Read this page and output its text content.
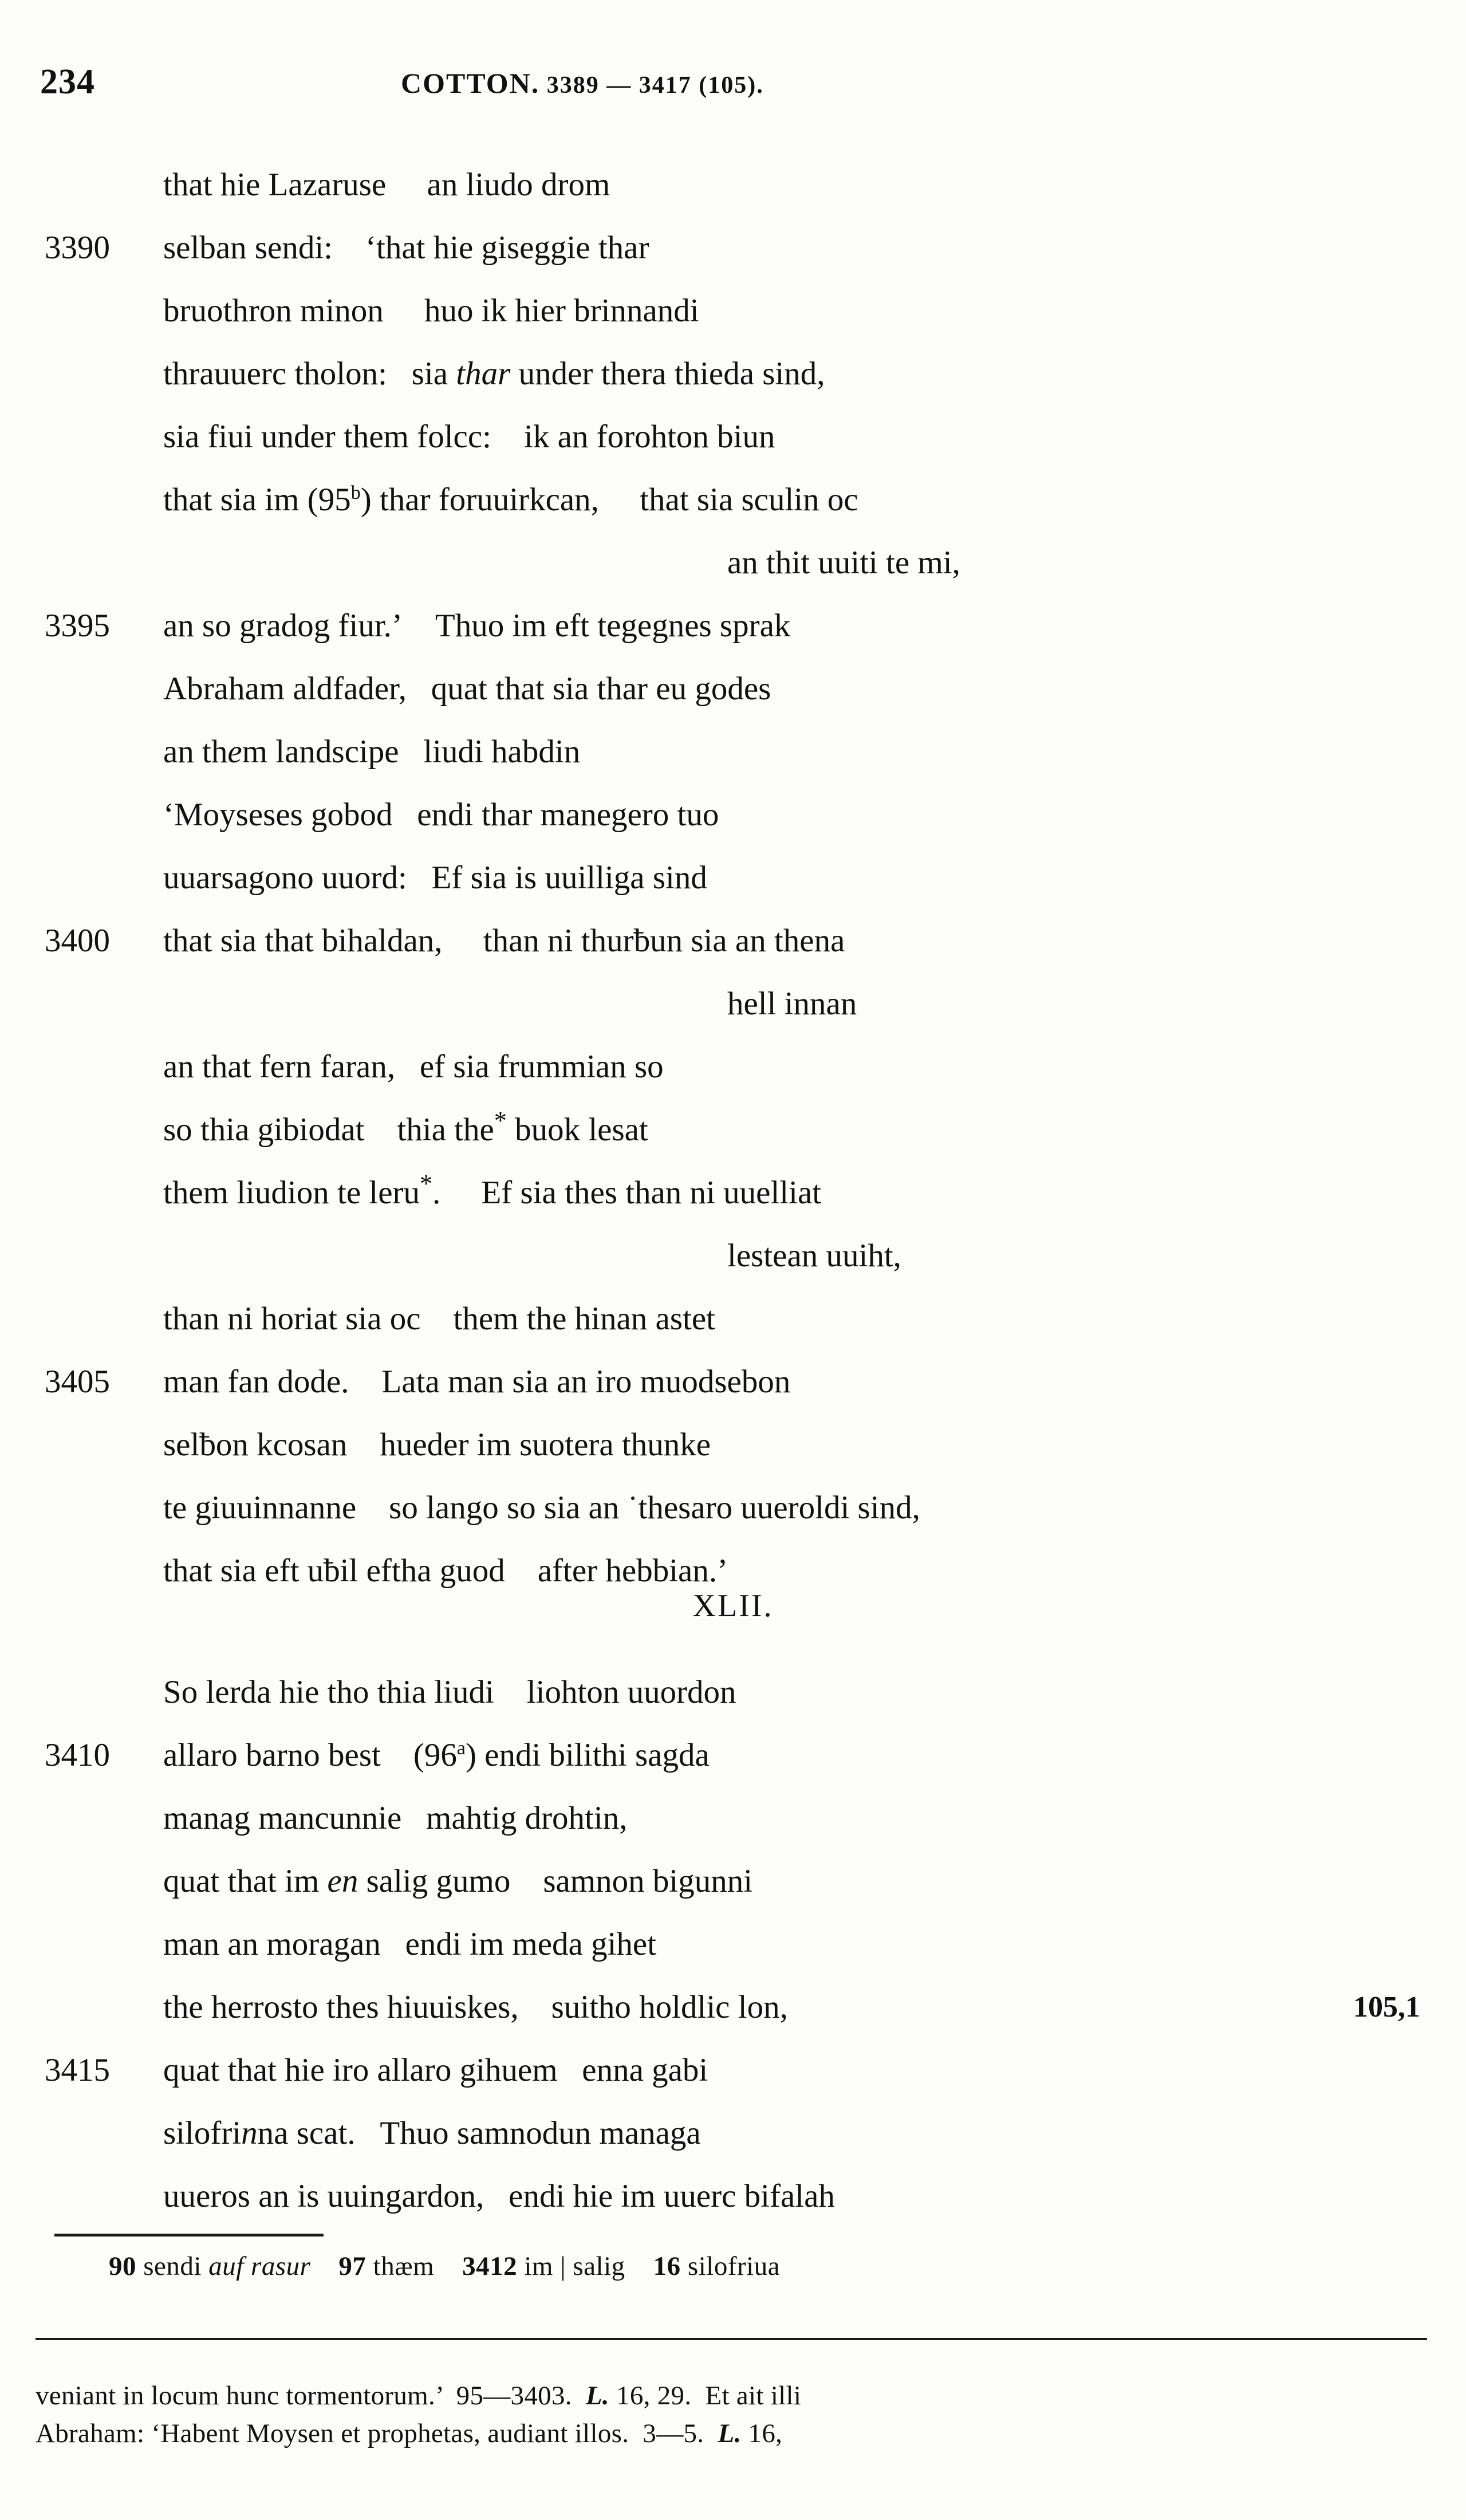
234	COTTON. 3389 — 3417 (105).
that hie Lazaruse     an liudo drom
3390	selban sendi:    ‘that hie giseggie thar
bruothron minon     huo ik hier brinnandi
thrauuerc tholon:   sia thar under thera thieda sind,
sia fiui under them folcc:    ik an forohton biun
that sia im (95$^b$) thar foruuirkcan,     that sia sculin oc
an thit uuiti te mi,
3395	an so gradog fiur.’    Thuo im eft tegegnes sprak
Abraham aldfader,   quat that sia thar eu godes
an them landscipe   liudi habdin
‘Moyseses gobod   endi thar manegero tuo
uuarsagono uuord:   Ef sia is uuilliga sind
3400	that sia that bihaldan,     than ni thurƀun sia an thena
hell innan
an that fern faran,   ef sia frummian so
so thia gibiodat    thia the* buok lesat
them liudion te leru*.     Ef sia thes than ni uuelliat
lestean uuiht,
than ni horiat sia oc    them the hinan astet
3405	man fan dode.    Lata man sia an iro muodsebon
selƀon kcosan    hueder im suotera thunke
te giuuinnanne    so lango so sia an ˙thesaro uueroldi sind,
that sia eft uƀil eftha guod    after hebbian.’
XLII.
So lerda hie tho thia liudi    liohton uuordon
3410	allaro barno best    (96$^a$) endi bilithi sagda
manag mancunnie   mahtig drohtin,
quat that im en salig gumo    samnon bigunni
man an moragan   endi im meda gihet
the herrosto thes hiuuiskes,    suitho holdlic lon,	105,1
3415	quat that hie iro allaro gihuem   enna gabi
silofrinna scat.   Thuo samnodun managa
uueros an is uuingardon,   endi hie im uuerc bifalah
90 sendi auf rasur 97 thæm    3412 im | salig    16 silofriua
veniant in locum hunc tormentorum.’  95—3403.  L. 16, 29.  Et ait illi
Abraham: ‘Habent Moysen et prophetas, audiant illos.  3—5.  L. 16,
